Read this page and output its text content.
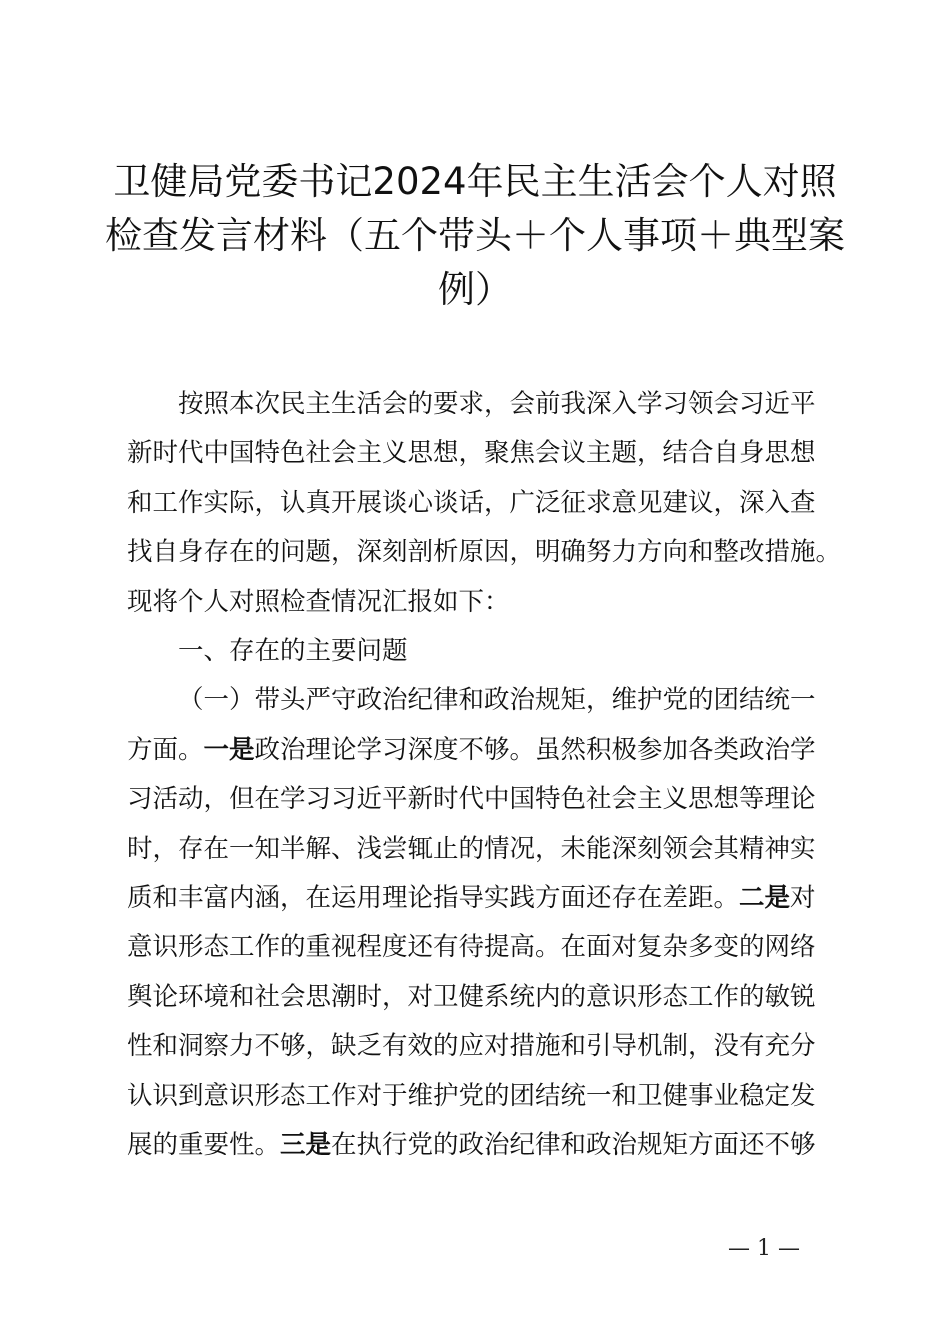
卫健局党委书记2024年民主生活会个人对照
检查发言材料（五个带头＋个人事项＋典型案
例）
按照本次民主生活会的要求，会前我深入学习领会习近平
新时代中国特色社会主义思想，聚焦会议主题，结合自身思想
和工作实际，认真开展谈心谈话，广泛征求意见建议，深入查
找自身存在的问题，深刻剖析原因，明确努力方向和整改措施。
现将个人对照检查情况汇报如下：
一、存在的主要问题
（一）带头严守政治纪律和政治规矩，维护党的团结统一
方面。一是政治理论学习深度不够。虽然积极参加各类政治学
习活动，但在学习习近平新时代中国特色社会主义思想等理论
时，存在一知半解、浅尝辄止的情况，未能深刻领会其精神实
质和丰富内涵，在运用理论指导实践方面还存在差距。二是对
意识形态工作的重视程度还有待提高。在面对复杂多变的网络
舆论环境和社会思潮时，对卫健系统内的意识形态工作的敏锐
性和洞察力不够，缺乏有效的应对措施和引导机制，没有充分
认识到意识形态工作对于维护党的团结统一和卫健事业稳定发
展的重要性。三是在执行党的政治纪律和政治规矩方面还不够
— 1 —
